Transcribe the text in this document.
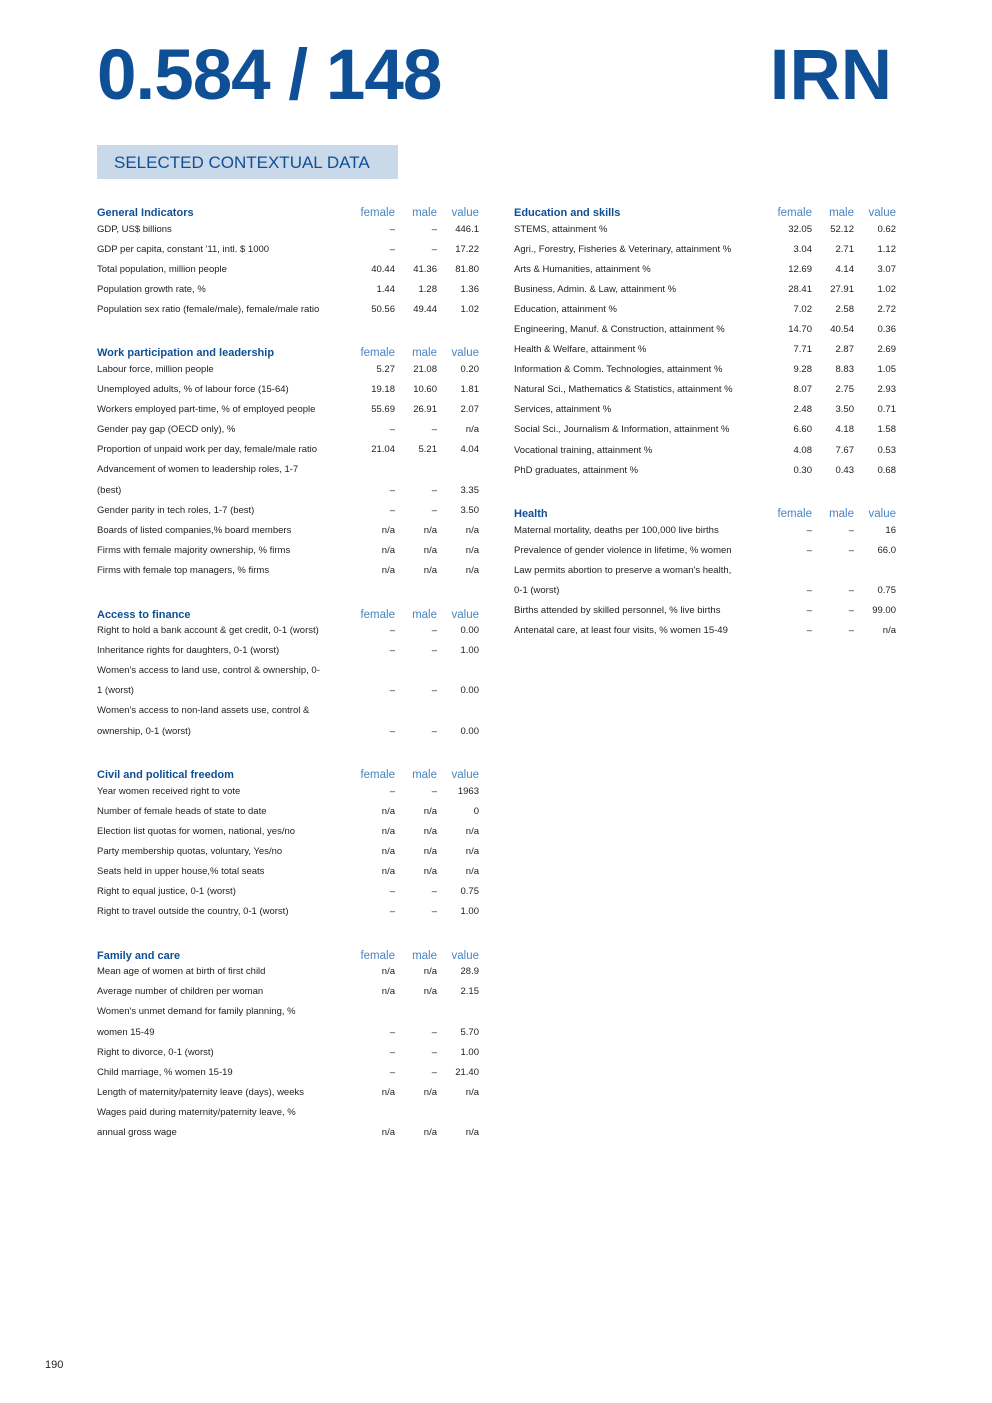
0.584 / 148	IRN
SELECTED CONTEXTUAL DATA
General Indicators	female	male	value
GDP, US$ billions	–	–	446.1
GDP per capita, constant '11, intl. $ 1000	–	–	17.22
Total population, million people	40.44	41.36	81.80
Population growth rate, %	1.44	1.28	1.36
Population sex ratio (female/male), female/male ratio	50.56	49.44	1.02
Work participation and leadership	female	male	value
Labour force, million people	5.27	21.08	0.20
Unemployed adults, % of labour force (15-64)	19.18	10.60	1.81
Workers employed part-time, % of employed people	55.69	26.91	2.07
Gender pay gap (OECD only), %	–	–	n/a
Proportion of unpaid work per day, female/male ratio	21.04	5.21	4.04
Advancement of women to leadership roles, 1-7
(best)	–	–	3.35
Gender parity in tech roles, 1-7 (best)	–	–	3.50
Boards of listed companies,% board members	n/a	n/a	n/a
Firms with female majority ownership, % firms	n/a	n/a	n/a
Firms with female top managers, % firms	n/a	n/a	n/a
Access to finance	female	male	value
Right to hold a bank account & get credit, 0-1 (worst)	–	–	0.00
Inheritance rights for daughters, 0-1 (worst)	–	–	1.00
Women's access to land use, control & ownership, 0-
1 (worst)	–	–	0.00
Women's access to non-land assets use, control &
ownership, 0-1 (worst)	–	–	0.00
Civil and political freedom	female	male	value
Year women received right to vote	–	–	1963
Number of female heads of state to date	n/a	n/a	0
Election list quotas for women, national, yes/no	n/a	n/a	n/a
Party membership quotas, voluntary, Yes/no	n/a	n/a	n/a
Seats held in upper house,% total seats	n/a	n/a	n/a
Right to equal justice, 0-1 (worst)	–	–	0.75
Right to travel outside the country, 0-1 (worst)	–	–	1.00
Family and care	female	male	value
Mean age of women at birth of first child	n/a	n/a	28.9
Average number of children per woman	n/a	n/a	2.15
Women's unmet demand for family planning, %
women 15-49	–	–	5.70
Right to divorce, 0-1 (worst)	–	–	1.00
Child marriage, % women 15-19	–	–	21.40
Length of maternity/paternity leave (days), weeks	n/a	n/a	n/a
Wages paid during maternity/paternity leave, %
annual gross wage	n/a	n/a	n/a
Education and skills	female	male	value
STEMS, attainment %	32.05	52.12	0.62
Agri., Forestry, Fisheries & Veterinary, attainment %	3.04	2.71	1.12
Arts & Humanities, attainment %	12.69	4.14	3.07
Business, Admin. & Law, attainment %	28.41	27.91	1.02
Education, attainment %	7.02	2.58	2.72
Engineering, Manuf. & Construction, attainment %	14.70	40.54	0.36
Health & Welfare, attainment %	7.71	2.87	2.69
Information & Comm. Technologies, attainment %	9.28	8.83	1.05
Natural Sci., Mathematics & Statistics, attainment %	8.07	2.75	2.93
Services, attainment %	2.48	3.50	0.71
Social Sci., Journalism & Information, attainment %	6.60	4.18	1.58
Vocational training, attainment %	4.08	7.67	0.53
PhD graduates, attainment %	0.30	0.43	0.68
Health	female	male	value
Maternal mortality, deaths per 100,000 live births	–	–	16
Prevalence of gender violence in lifetime, % women	–	–	66.0
Law permits abortion to preserve a woman's health,
0-1 (worst)	–	–	0.75
Births attended by skilled personnel, % live births	–	–	99.00
Antenatal care, at least four visits, % women 15-49	–	–	n/a
190
